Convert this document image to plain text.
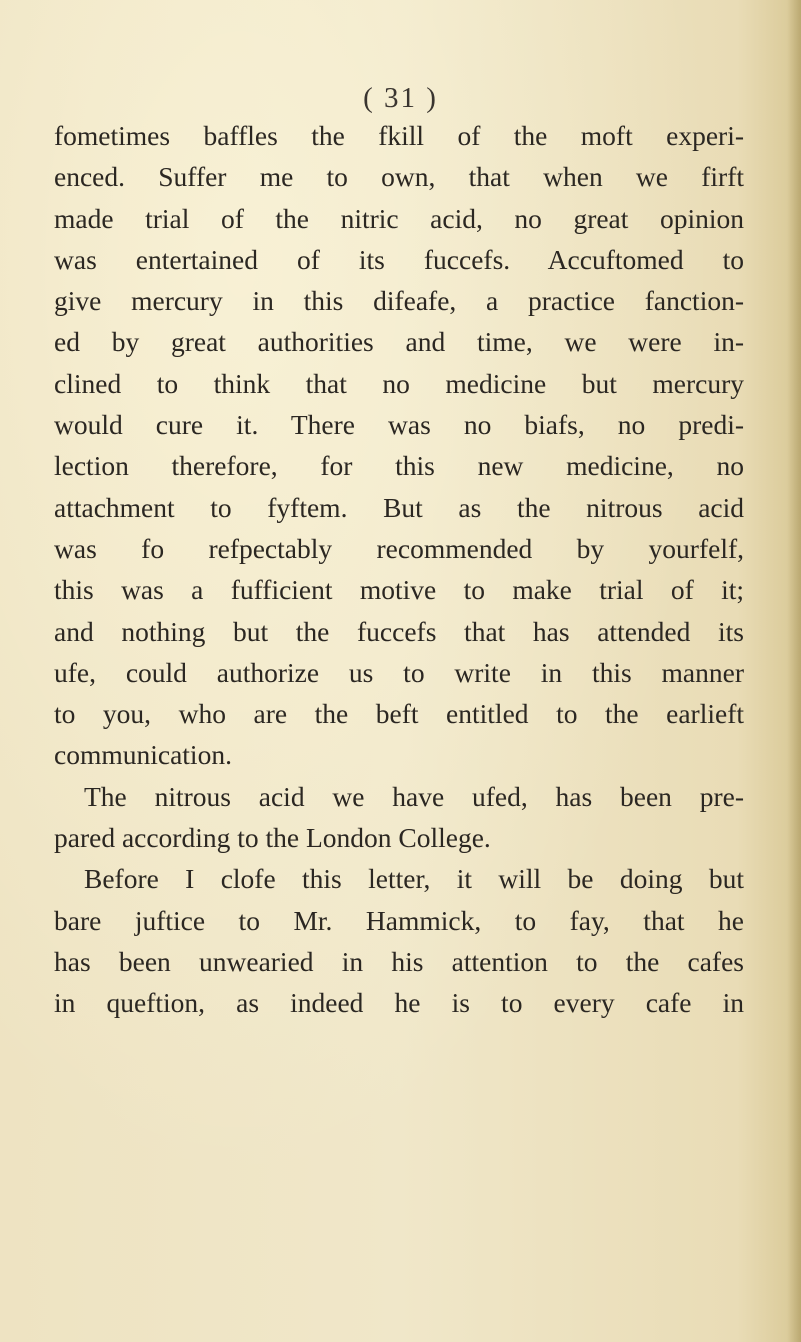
( 31 )
fometimes baffles the fkill of the moft experi-
enced. Suffer me to own, that when we firft
made trial of the nitric acid, no great opinion
was entertained of its fuccefs. Accuftomed to
give mercury in this difeafe, a practice fanction-
ed by great authorities and time, we were in-
clined to think that no medicine but mercury
would cure it. There was no biafs, no predi-
lection therefore, for this new medicine, no
attachment to fyftem. But as the nitrous acid
was fo refpectably recommended by yourfelf,
this was a fufficient motive to make trial of it;
and nothing but the fuccefs that has attended its
ufe, could authorize us to write in this manner
to you, who are the beft entitled to the earlieft
communication.
The nitrous acid we have ufed, has been pre-
pared according to the London College.
Before I clofe this letter, it will be doing but
bare juftice to Mr. Hammick, to fay, that he
has been unwearied in his attention to the cafes
in queftion, as indeed he is to every cafe in
